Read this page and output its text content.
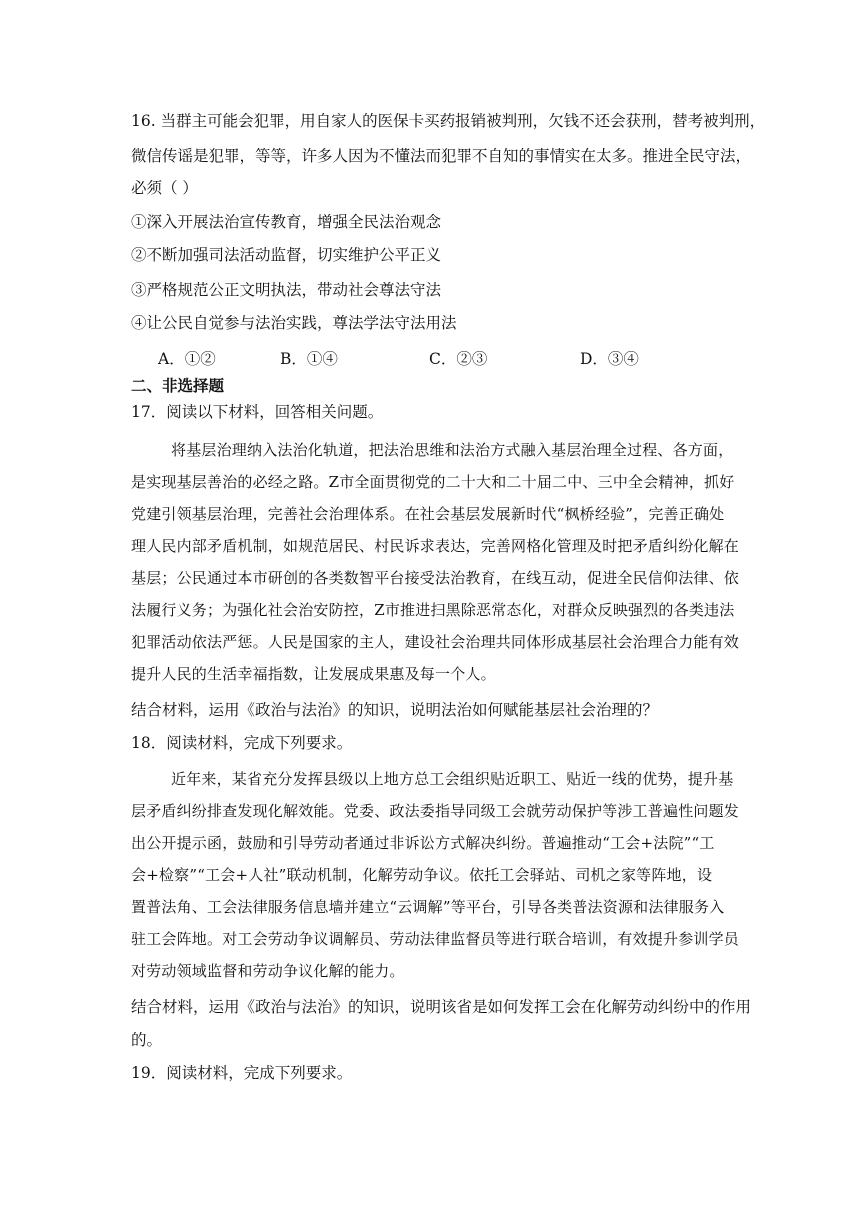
16. 当群主可能会犯罪，用自家人的医保卡买药报销被判刑，欠钱不还会获刑，替考被判刑，
微信传谣是犯罪，等等，许多人因为不懂法而犯罪不自知的事情实在太多。推进全民守法，
必须（ ）
①深入开展法治宣传教育，增强全民法治观念
②不断加强司法活动监督，切实维护公平正义
③严格规范公正文明执法，带动社会尊法守法
④让公民自觉参与法治实践，尊法学法守法用法
A．①②	B．①④	C．②③	D．③④
二、非选择题
17．阅读以下材料，回答相关问题。
将基层治理纳入法治化轨道，把法治思维和法治方式融入基层治理全过程、各方面，
是实现基层善治的必经之路。Z市全面贯彻党的二十大和二十届二中、三中全会精神，抓好
党建引领基层治理，完善社会治理体系。在社会基层发展新时代“枫桥经验”，完善正确处
理人民内部矛盾机制，如规范居民、村民诉求表达，完善网格化管理及时把矛盾纠纷化解在
基层；公民通过本市研创的各类数智平台接受法治教育，在线互动，促进全民信仰法律、依
法履行义务；为强化社会治安防控，Z市推进扫黑除恶常态化，对群众反映强烈的各类违法
犯罪活动依法严惩。人民是国家的主人，建设社会治理共同体形成基层社会治理合力能有效
提升人民的生活幸福指数，让发展成果惠及每一个人。
结合材料，运用《政治与法治》的知识，说明法治如何赋能基层社会治理的？
18．阅读材料，完成下列要求。
近年来，某省充分发挥县级以上地方总工会组织贴近职工、贴近一线的优势，提升基
层矛盾纠纷排查发现化解效能。党委、政法委指导同级工会就劳动保护等涉工普遍性问题发
出公开提示函，鼓励和引导劳动者通过非诉讼方式解决纠纷。普遍推动“工会+法院”“工
会+检察”“工会+人社”联动机制，化解劳动争议。依托工会驿站、司机之家等阵地，设
置普法角、工会法律服务信息墙并建立“云调解”等平台，引导各类普法资源和法律服务入
驻工会阵地。对工会劳动争议调解员、劳动法律监督员等进行联合培训，有效提升参训学员
对劳动领域监督和劳动争议化解的能力。
结合材料，运用《政治与法治》的知识，说明该省是如何发挥工会在化解劳动纠纷中的作用
的。
19．阅读材料，完成下列要求。
